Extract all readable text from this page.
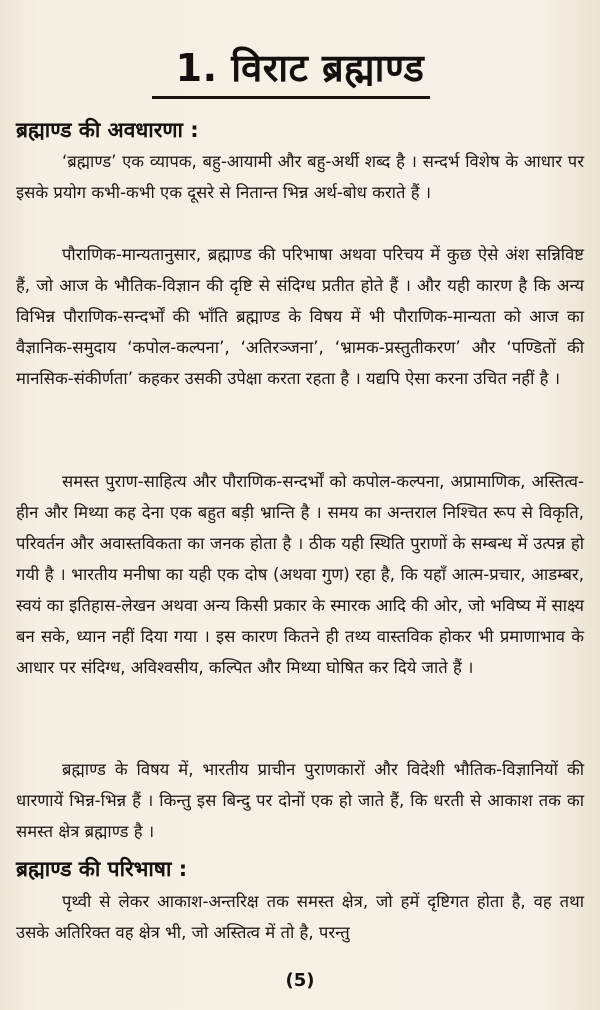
1. विराट ब्रह्माण्ड
ब्रह्माण्ड की अवधारणा :

‘ब्रह्माण्ड’ एक व्यापक, बहु-आयामी और बहु-अर्थी शब्द है । सन्दर्भ विशेष के आधार पर इसके प्रयोग कभी-कभी एक दूसरे से नितान्त भिन्न अर्थ-बोध कराते हैं ।

पौराणिक-मान्यतानुसार, ब्रह्माण्ड की परिभाषा अथवा परिचय में कुछ ऐसे अंश सन्निविष्ट हैं, जो आज के भौतिक-विज्ञान की दृष्टि से संदिग्ध प्रतीत होते हैं । और यही कारण है कि अन्य विभिन्न पौराणिक-सन्दर्भों की भाँति ब्रह्माण्ड के विषय में भी पौराणिक-मान्यता को आज का वैज्ञानिक-समुदाय ‘कपोल-कल्पना’, ‘अतिरञ्जना’, ‘भ्रामक-प्रस्तुतीकरण’ और ‘पण्डितों की मानसिक-संकीर्णता’ कहकर उसकी उपेक्षा करता रहता है । यद्यपि ऐसा करना उचित नहीं है ।

समस्त पुराण-साहित्य और पौराणिक-सन्दर्भों को कपोल-कल्पना, अप्रामाणिक, अस्तित्व-हीन और मिथ्या कह देना एक बहुत बड़ी भ्रान्ति है । समय का अन्तराल निश्चित रूप से विकृति, परिवर्तन और अवास्तविकता का जनक होता है । ठीक यही स्थिति पुराणों के सम्बन्ध में उत्पन्न हो गयी है । भारतीय मनीषा का यही एक दोष (अथवा गुण) रहा है, कि यहाँ आत्म-प्रचार, आडम्बर, स्वयं का इतिहास-लेखन अथवा अन्य किसी प्रकार के स्मारक आदि की ओर, जो भविष्य में साक्ष्य बन सके, ध्यान नहीं दिया गया । इस कारण कितने ही तथ्य वास्तविक होकर भी प्रमाणाभाव के आधार पर संदिग्ध, अविश्वसीय, कल्पित और मिथ्या घोषित कर दिये जाते हैं ।

ब्रह्माण्ड के विषय में, भारतीय प्राचीन पुराणकारों और विदेशी भौतिक-विज्ञानियों की धारणायें भिन्न-भिन्न हैं । किन्तु इस बिन्दु पर दोनों एक हो जाते हैं, कि धरती से आकाश तक का समस्त क्षेत्र ब्रह्माण्ड है ।

ब्रह्माण्ड की परिभाषा :

पृथ्वी से लेकर आकाश-अन्तरिक्ष तक समस्त क्षेत्र, जो हमें दृष्टिगत होता है, वह तथा उसके अतिरिक्त वह क्षेत्र भी, जो अस्तित्व में तो है, परन्तु

(5)
